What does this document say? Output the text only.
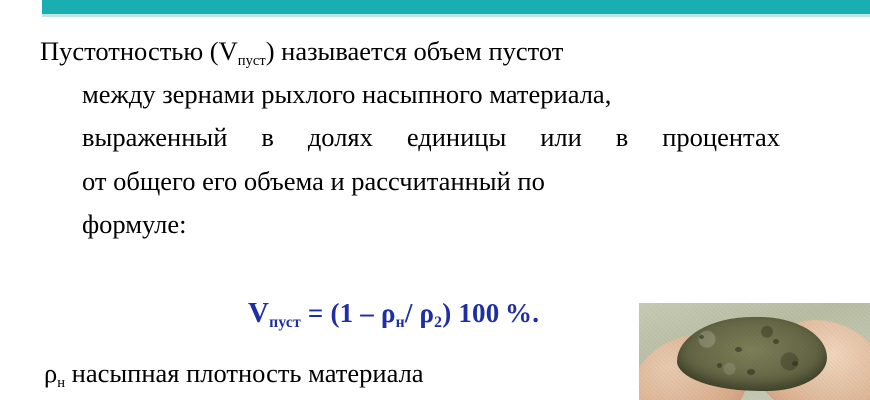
Пустотностью $(V_{пуст})$ называется объем пустот
между зернами рыхлого насыпного материала,
выраженный в долях единицы или в процентах
от общего его объема и рассчитанный по
формуле:
$V_{пуст} = (1 - \rho_н/$ $\rho_2$) 100 %.
$\rho_н$ насыпная плотность материала
